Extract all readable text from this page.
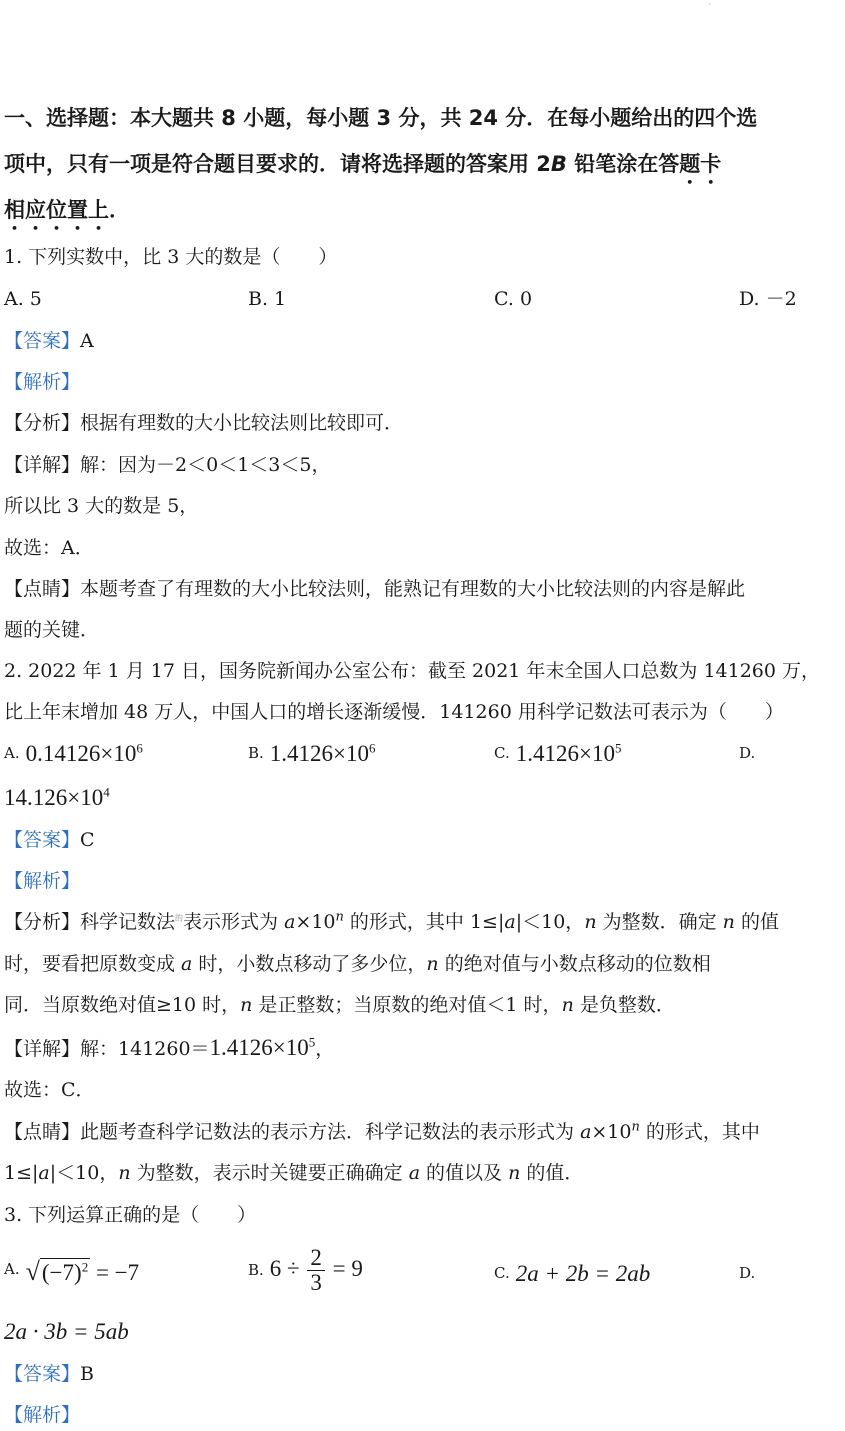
·
一、选择题：本大题共 8 小题，每小题 3 分，共 24 分．在每小题给出的四个选
项中，只有一项是符合题目要求的．请将选择题的答案用 2B 铅笔涂在答题卡
相应位置上．
1. 下列实数中，比 3 大的数是（　　）
A. 5	B. 1	C. 0	D. －2
【答案】A
【解析】
【分析】根据有理数的大小比较法则比较即可．
【详解】解：因为－2＜0＜1＜3＜5，
所以比 3 大的数是 5，
故选：A．
【点睛】本题考查了有理数的大小比较法则，能熟记有理数的大小比较法则的内容是解此
题的关键．
2. 2022 年 1 月 17 日，国务院新闻办公室公布：截至 2021 年末全国人口总数为 141260 万，
比上年末增加 48 万人，中国人口的增长逐渐缓慢．141260 用科学记数法可表示为（　　）
$^{A.}$ $0.14126\times 10^6$	$^{B.}$ $1.4126\times 10^6$	$^{C.}$ $1.4126\times 10^5$	$^{D.}$
$14.126\times 10^4$
【答案】C
【解析】
【分析】科学记数法$^的$表示形式为 $a\times 10^n$ 的形式，其中 1≤|a|＜10，n 为整数．确定 n 的值
时，要看把原数变成 a 时，小数点移动了多少位，n 的绝对值与小数点移动的位数相
同．当原数绝对值≥10 时，n 是正整数；当原数的绝对值＜1 时，n 是负整数．
【详解】解：$141260=1.4126\times 10^5$，
故选：C．
【点睛】此题考查科学记数法的表示方法．科学记数法的表示形式为 $a\times 10^n$ 的形式，其中
1≤|a|＜10，n 为整数，表示时关键要正确确定 a 的值以及 n 的值．
3. 下列运算正确的是（　　）
$^{A.}$ $√(-7)^2 = -7$	$^{B.}$ $6 \div \frac{2}{3} = 9$	$^{C.}$ 2a + 2b = 2ab	$^{D.}$
2a · 3b = 5ab
【答案】B
【解析】
